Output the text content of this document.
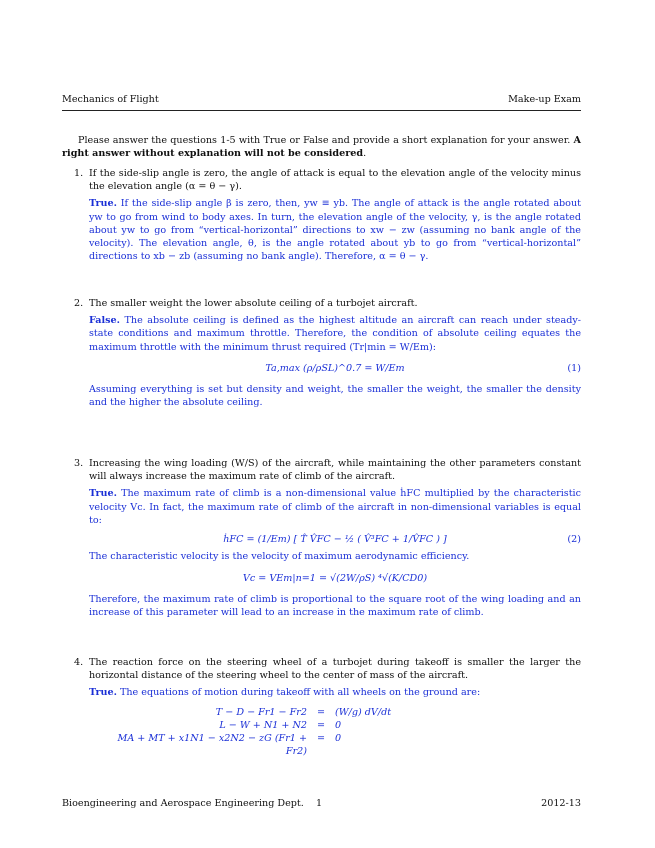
Mechanics of Flight	Make-up Exam

Please answer the questions 1-5 with True or False and provide a short explanation for your answer. A right answer without explanation will not be considered.

1. If the side-slip angle is zero, the angle of attack is equal to the elevation angle of the velocity minus the elevation angle (α = θ − γ).
True. If the side-slip angle β is zero, then, yw ≡ yb. The angle of attack is the angle rotated about yw to go from wind to body axes. In turn, the elevation angle of the velocity, γ, is the angle rotated about yw to go from “vertical-horizontal” directions to xw − zw (assuming no bank angle of the velocity). The elevation angle, θ, is the angle rotated about yb to go from “vertical-horizontal” directions to xb − zb (assuming no bank angle). Therefore, α = θ − γ.
2. The smaller weight the lower absolute ceiling of a turbojet aircraft.
False. The absolute ceiling is defined as the highest altitude an aircraft can reach under steady-state conditions and maximum throttle. Therefore, the condition of absolute ceiling equates the maximum throttle with the minimum thrust required (Tr|min = W/Em):
Ta,max (ρ/ρSL)^0.7 = W/Em	(1)
Assuming everything is set but density and weight, the smaller the weight, the smaller the density and the higher the absolute ceiling.
3. Increasing the wing loading (W/S) of the aircraft, while maintaining the other parameters constant will always increase the maximum rate of climb of the aircraft.
True. The maximum rate of climb is a non-dimensional value ḣFC multiplied by the characteristic velocity Vc. In fact, the maximum rate of climb of the aircraft in non-dimensional variables is equal to:
ḣFC = (1/Em) [ T̂ V̂FC − ½ ( V̂³FC + 1/V̂FC ) ]	(2)
The characteristic velocity is the velocity of maximum aerodynamic efficiency.
Vc = VEm|n=1 = √(2W/ρS) ⁴√(K/CD0)
Therefore, the maximum rate of climb is proportional to the square root of the wing loading and an increase of this parameter will lead to an increase in the maximum rate of climb.
4. The reaction force on the steering wheel of a turbojet during takeoff is smaller the larger the horizontal distance of the steering wheel to the center of mass of the aircraft.
True. The equations of motion during takeoff with all wheels on the ground are:
T − D − Fr1 − Fr2	=	(W/g) dV/dt
L − W + N1 + N2	=	0
MA + MT + x1N1 − x2N2 − zG (Fr1 + Fr2)
=	0
Bioengineering and Aerospace Engineering Dept. 1	2012-13
